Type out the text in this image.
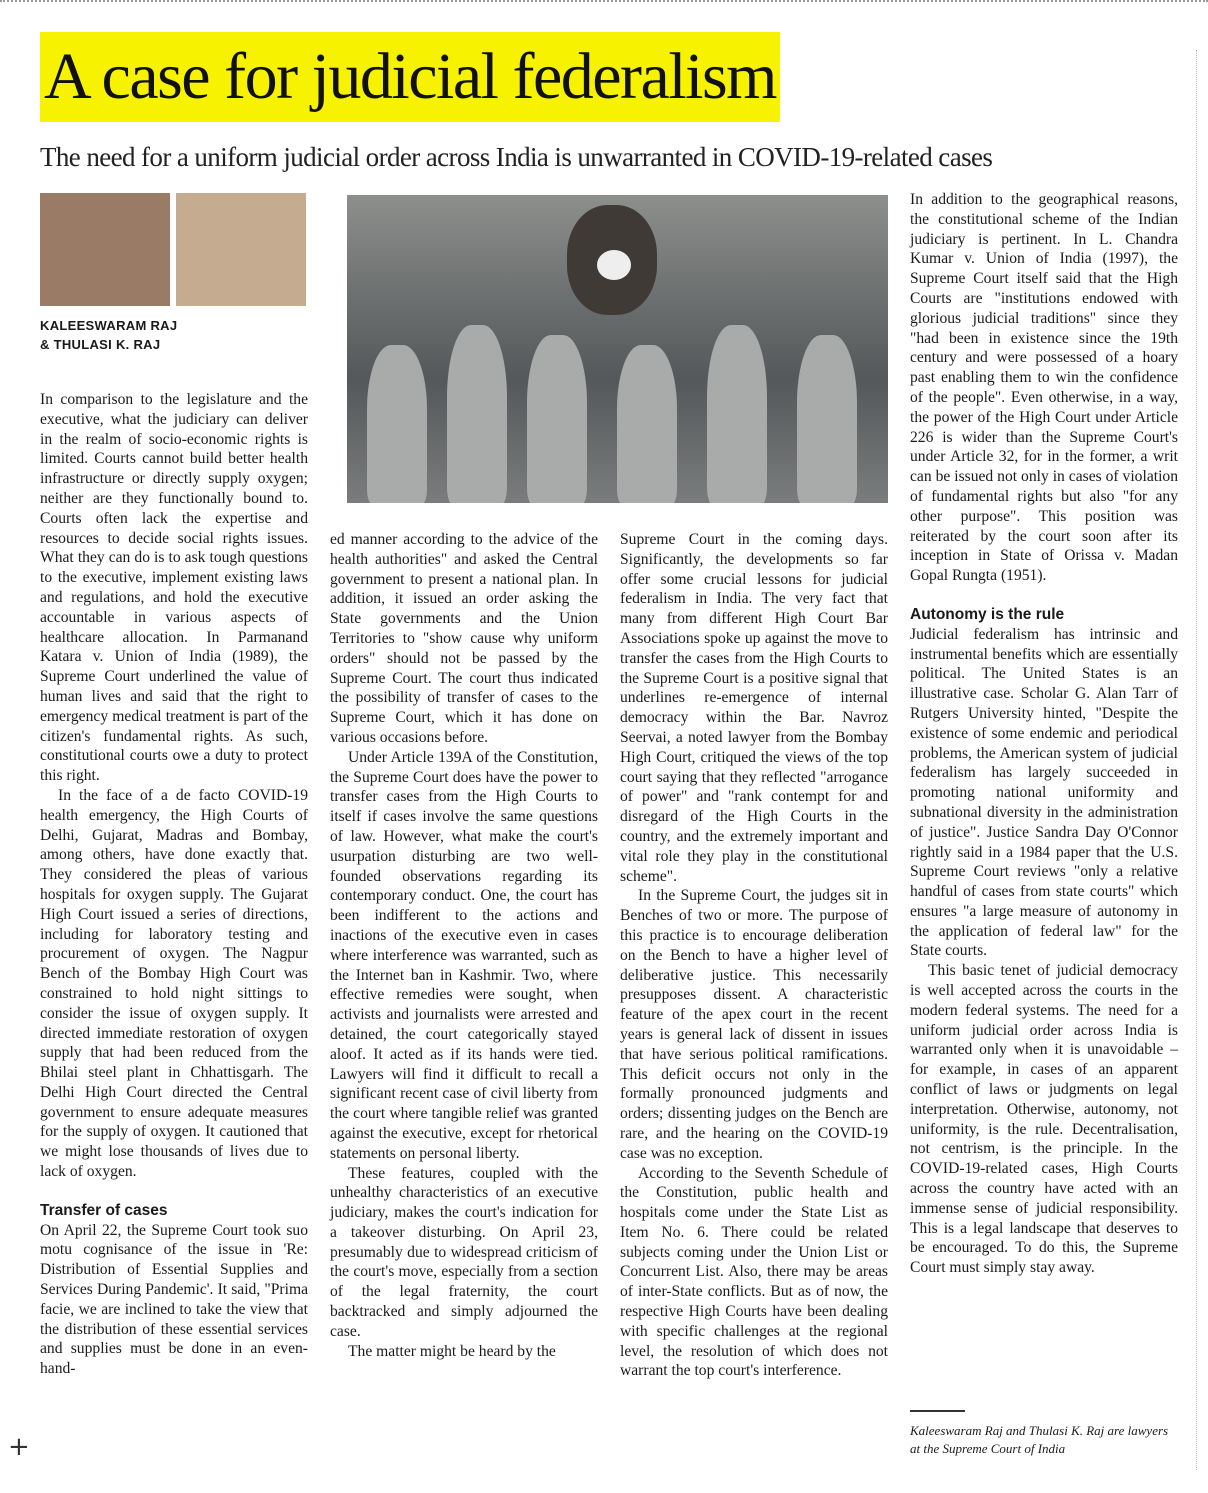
A case for judicial federalism
The need for a uniform judicial order across India is unwarranted in COVID-19-related cases
KALEESWARAM RAJ
& THULASI K. RAJ

In comparison to the legislature and the executive, what the judiciary can deliver in the realm of socio-economic rights is limited. Courts cannot build better health infrastructure or directly supply oxygen; neither are they functionally bound to. Courts often lack the expertise and resources to decide social rights issues. What they can do is to ask tough questions to the executive, implement existing laws and regulations, and hold the executive accountable in various aspects of healthcare allocation. In Parmanand Katara v. Union of India (1989), the Supreme Court underlined the value of human lives and said that the right to emergency medical treatment is part of the citizen's fundamental rights. As such, constitutional courts owe a duty to protect this right.

In the face of a de facto COVID-19 health emergency, the High Courts of Delhi, Gujarat, Madras and Bombay, among others, have done exactly that. They considered the pleas of various hospitals for oxygen supply. The Gujarat High Court issued a series of directions, including for laboratory testing and procurement of oxygen. The Nagpur Bench of the Bombay High Court was constrained to hold night sittings to consider the issue of oxygen supply. It directed immediate restoration of oxygen supply that had been reduced from the Bhilai steel plant in Chhattisgarh. The Delhi High Court directed the Central government to ensure adequate measures for the supply of oxygen. It cautioned that we might lose thousands of lives due to lack of oxygen.

Transfer of cases

On April 22, the Supreme Court took suo motu cognisance of the issue in 'Re: Distribution of Essential Supplies and Services During Pandemic'. It said, "Prima facie, we are inclined to take the view that the distribution of these essential services and supplies must be done in an even-hand-

ed manner according to the advice of the health authorities" and asked the Central government to present a national plan. In addition, it issued an order asking the State governments and the Union Territories to "show cause why uniform orders" should not be passed by the Supreme Court. The court thus indicated the possibility of transfer of cases to the Supreme Court, which it has done on various occasions before.

Under Article 139A of the Constitution, the Supreme Court does have the power to transfer cases from the High Courts to itself if cases involve the same questions of law. However, what make the court's usurpation disturbing are two well-founded observations regarding its contemporary conduct. One, the court has been indifferent to the actions and inactions of the executive even in cases where interference was warranted, such as the Internet ban in Kashmir. Two, where effective remedies were sought, when activists and journalists were arrested and detained, the court categorically stayed aloof. It acted as if its hands were tied. Lawyers will find it difficult to recall a significant recent case of civil liberty from the court where tangible relief was granted against the executive, except for rhetorical statements on personal liberty.

These features, coupled with the unhealthy characteristics of an executive judiciary, makes the court's indication for a takeover disturbing. On April 23, presumably due to widespread criticism of the court's move, especially from a section of the legal fraternity, the court backtracked and simply adjourned the case.

The matter might be heard by the

Supreme Court in the coming days. Significantly, the developments so far offer some crucial lessons for judicial federalism in India. The very fact that many from different High Court Bar Associations spoke up against the move to transfer the cases from the High Courts to the Supreme Court is a positive signal that underlines re-emergence of internal democracy within the Bar. Navroz Seervai, a noted lawyer from the Bombay High Court, critiqued the views of the top court saying that they reflected "arrogance of power" and "rank contempt for and disregard of the High Courts in the country, and the extremely important and vital role they play in the constitutional scheme".

In the Supreme Court, the judges sit in Benches of two or more. The purpose of this practice is to encourage deliberation on the Bench to have a higher level of deliberative justice. This necessarily presupposes dissent. A characteristic feature of the apex court in the recent years is general lack of dissent in issues that have serious political ramifications. This deficit occurs not only in the formally pronounced judgments and orders; dissenting judges on the Bench are rare, and the hearing on the COVID-19 case was no exception.

According to the Seventh Schedule of the Constitution, public health and hospitals come under the State List as Item No. 6. There could be related subjects coming under the Union List or Concurrent List. Also, there may be areas of inter-State conflicts. But as of now, the respective High Courts have been dealing with specific challenges at the regional level, the resolution of which does not warrant the top court's interference.

In addition to the geographical reasons, the constitutional scheme of the Indian judiciary is pertinent. In L. Chandra Kumar v. Union of India (1997), the Supreme Court itself said that the High Courts are "institutions endowed with glorious judicial traditions" since they "had been in existence since the 19th century and were possessed of a hoary past enabling them to win the confidence of the people". Even otherwise, in a way, the power of the High Court under Article 226 is wider than the Supreme Court's under Article 32, for in the former, a writ can be issued not only in cases of violation of fundamental rights but also "for any other purpose". This position was reiterated by the court soon after its inception in State of Orissa v. Madan Gopal Rungta (1951).

Autonomy is the rule

Judicial federalism has intrinsic and instrumental benefits which are essentially political. The United States is an illustrative case. Scholar G. Alan Tarr of Rutgers University hinted, "Despite the existence of some endemic and periodical problems, the American system of judicial federalism has largely succeeded in promoting national uniformity and subnational diversity in the administration of justice". Justice Sandra Day O'Connor rightly said in a 1984 paper that the U.S. Supreme Court reviews "only a relative handful of cases from state courts" which ensures "a large measure of autonomy in the application of federal law" for the State courts.

This basic tenet of judicial democracy is well accepted across the courts in the modern federal systems. The need for a uniform judicial order across India is warranted only when it is unavoidable – for example, in cases of an apparent conflict of laws or judgments on legal interpretation. Otherwise, autonomy, not uniformity, is the rule. Decentralisation, not centrism, is the principle. In the COVID-19-related cases, High Courts across the country have acted with an immense sense of judicial responsibility. This is a legal landscape that deserves to be encouraged. To do this, the Supreme Court must simply stay away.

Kaleeswaram Raj and Thulasi K. Raj are lawyers at the Supreme Court of India
+
